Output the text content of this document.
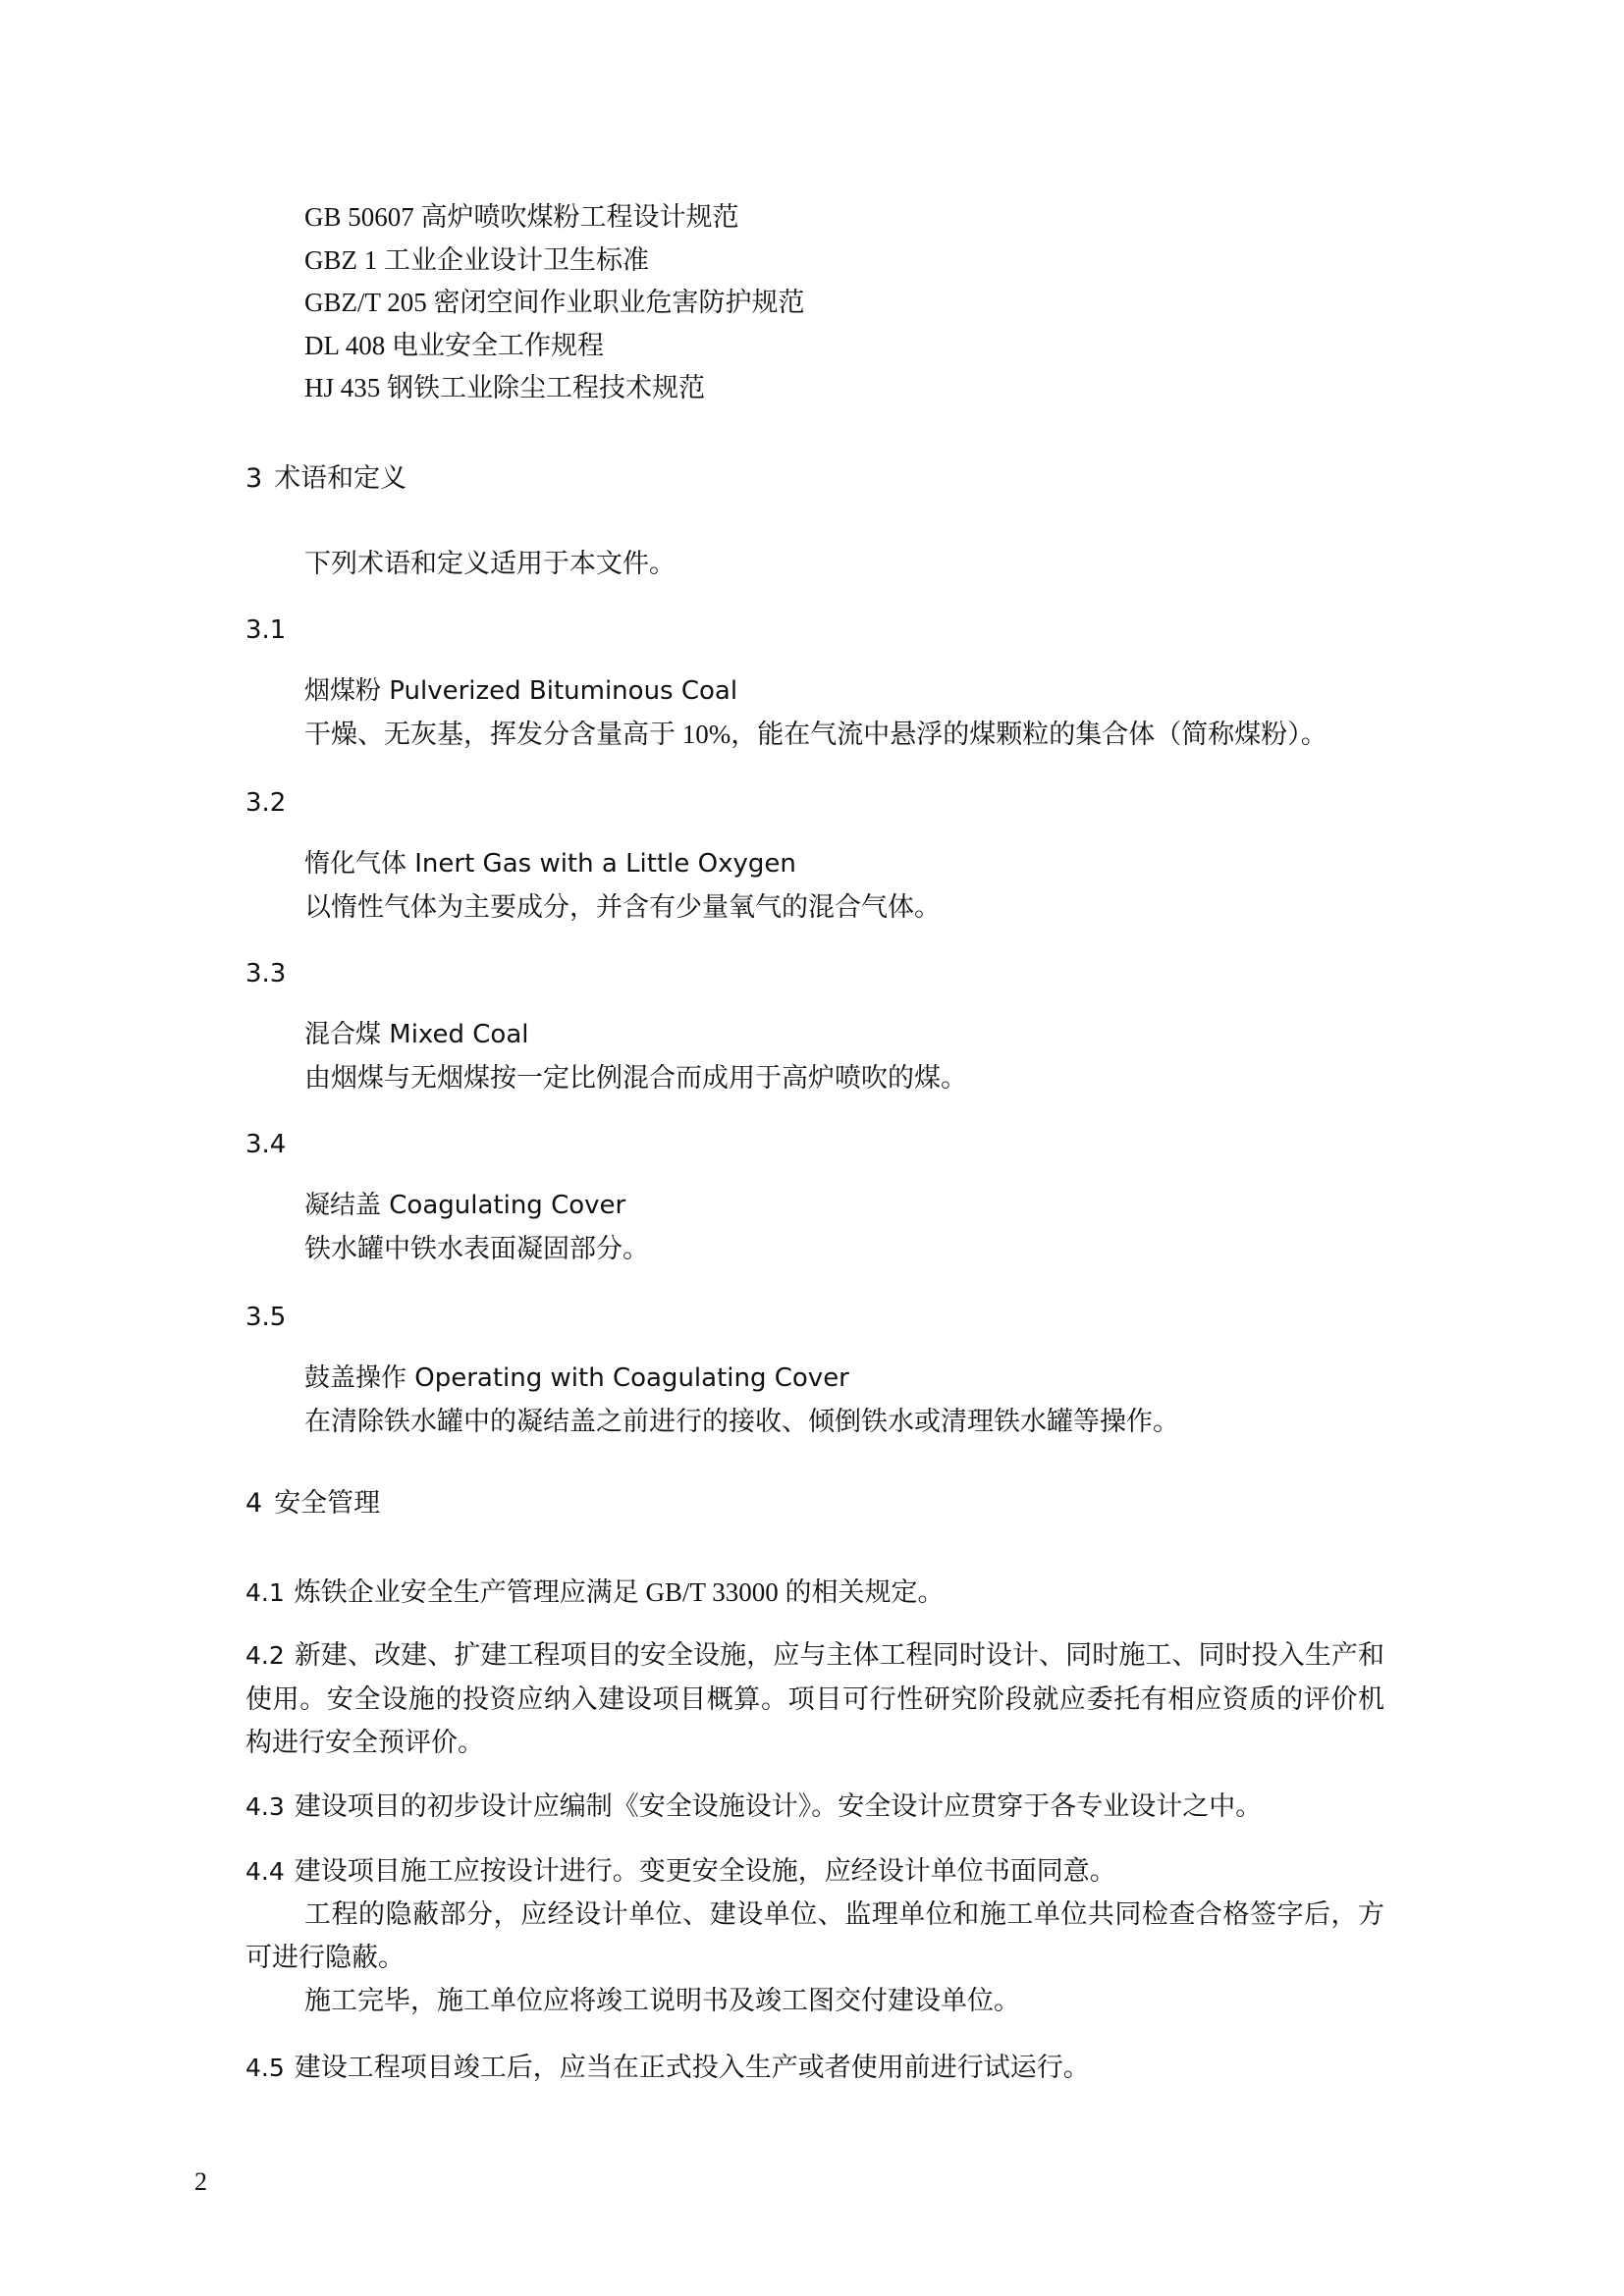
GB 50607 高炉喷吹煤粉工程设计规范
GBZ 1 工业企业设计卫生标准
GBZ/T 205 密闭空间作业职业危害防护规范
DL 408 电业安全工作规程
HJ 435 钢铁工业除尘工程技术规范
3 术语和定义
下列术语和定义适用于本文件。
3.1
烟煤粉 Pulverized Bituminous Coal
干燥、无灰基，挥发分含量高于 10%，能在气流中悬浮的煤颗粒的集合体（简称煤粉）。
3.2
惰化气体 Inert Gas with a Little Oxygen
以惰性气体为主要成分，并含有少量氧气的混合气体。
3.3
混合煤 Mixed Coal
由烟煤与无烟煤按一定比例混合而成用于高炉喷吹的煤。
3.4
凝结盖 Coagulating Cover
铁水罐中铁水表面凝固部分。
3.5
鼓盖操作 Operating with Coagulating Cover
在清除铁水罐中的凝结盖之前进行的接收、倾倒铁水或清理铁水罐等操作。
4 安全管理
4.1 炼铁企业安全生产管理应满足 GB/T 33000 的相关规定。
4.2 新建、改建、扩建工程项目的安全设施，应与主体工程同时设计、同时施工、同时投入生产和使用。安全设施的投资应纳入建设项目概算。项目可行性研究阶段就应委托有相应资质的评价机构进行安全预评价。
4.3 建设项目的初步设计应编制《安全设施设计》。安全设计应贯穿于各专业设计之中。
4.4 建设项目施工应按设计进行。变更安全设施，应经设计单位书面同意。
工程的隐蔽部分，应经设计单位、建设单位、监理单位和施工单位共同检查合格签字后，方可进行隐蔽。
施工完毕，施工单位应将竣工说明书及竣工图交付建设单位。
4.5 建设工程项目竣工后，应当在正式投入生产或者使用前进行试运行。
2
